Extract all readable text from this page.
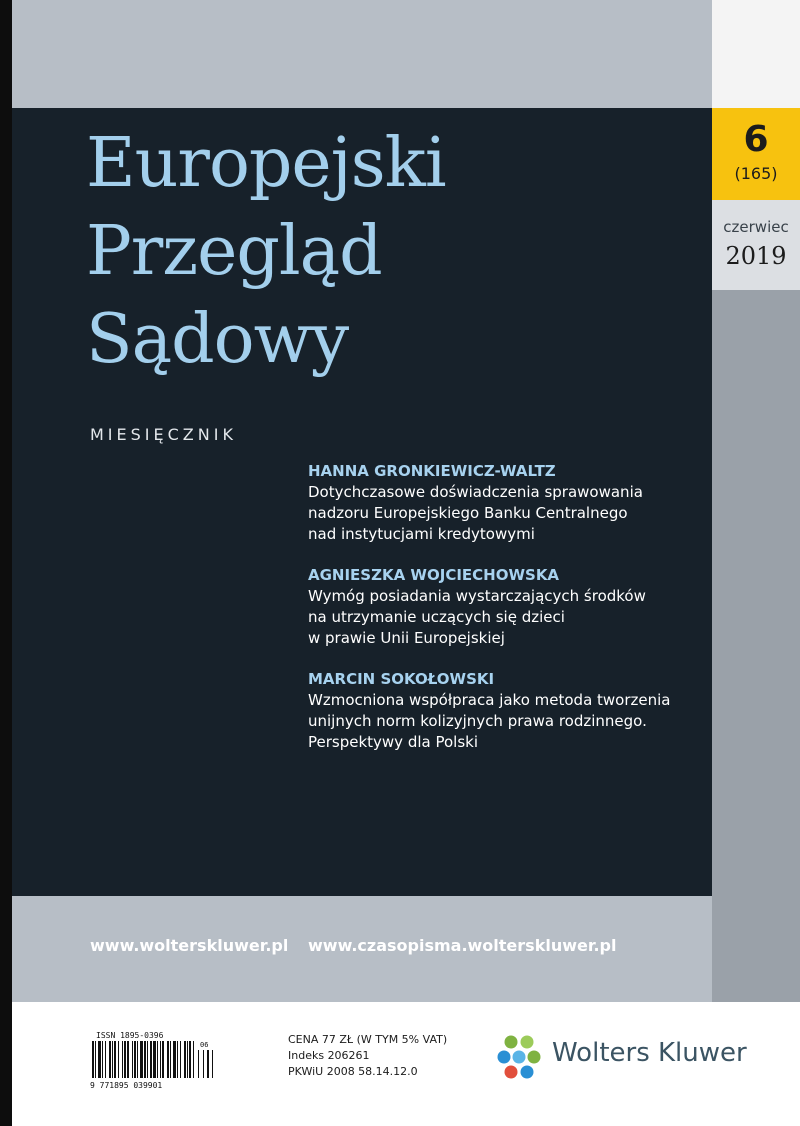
6
(165)
czerwiec
2019
Europejski
Przegląd
Sądowy
MIESIĘCZNIK
HANNA GRONKIEWICZ-WALTZ
Dotychczasowe doświadczenia sprawowania
nadzoru Europejskiego Banku Centralnego
nad instytucjami kredytowymi
AGNIESZKA WOJCIECHOWSKA
Wymóg posiadania wystarczających środków
na utrzymanie uczących się dzieci
w prawie Unii Europejskiej
MARCIN SOKOŁOWSKI
Wzmocniona współpraca jako metoda tworzenia
unijnych norm kolizyjnych prawa rodzinnego.
Perspektywy dla Polski
www.wolterskluwer.pl www.czasopisma.wolterskluwer.pl
ISSN 1895-0396
06
9 771895 039901
CENA 77 ZŁ (W TYM 5% VAT)
Indeks 206261
PKWiU 2008 58.14.12.0
Wolters Kluwer
